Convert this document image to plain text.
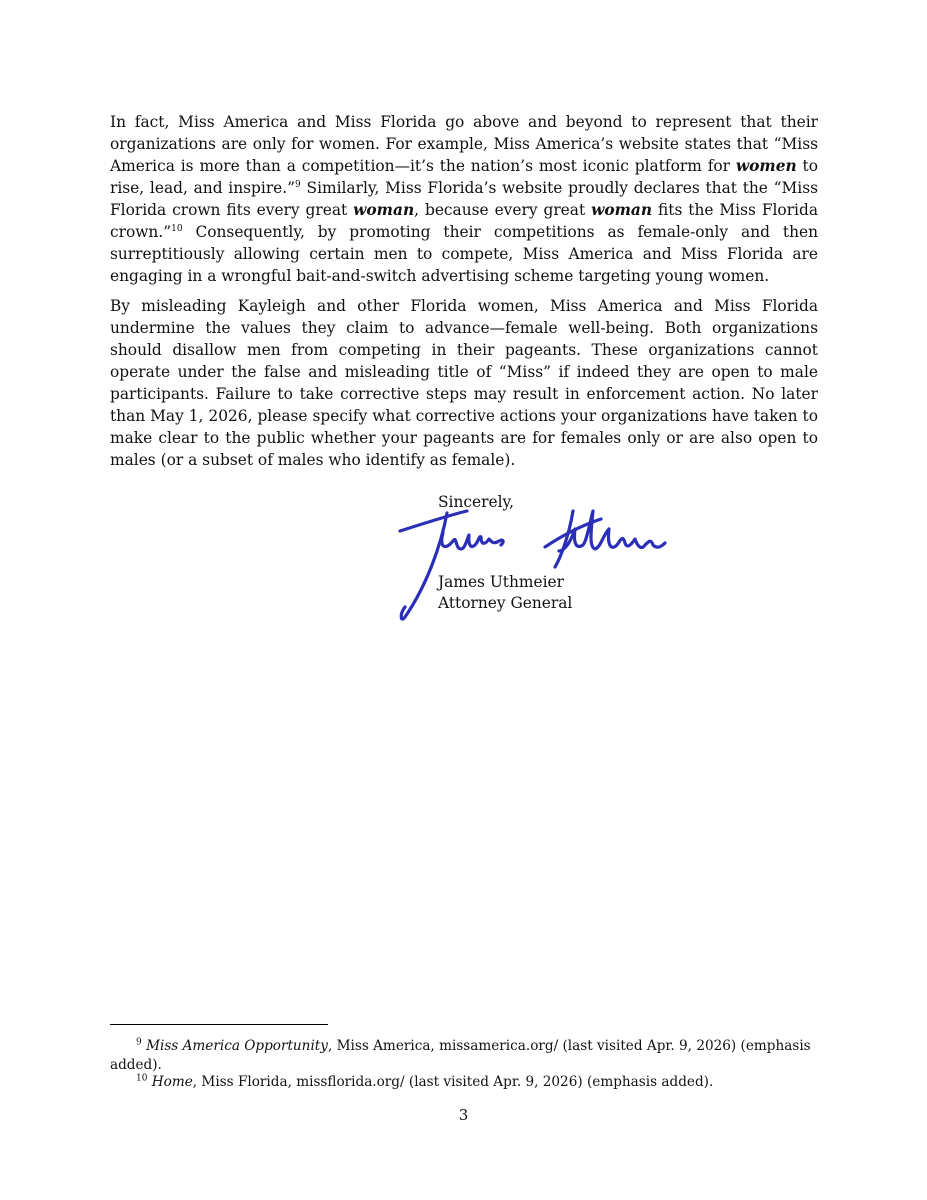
In fact, Miss America and Miss Florida go above and beyond to represent that their organizations are only for women. For example, Miss America’s website states that “Miss America is more than a competition—it’s the nation’s most iconic platform for women to rise, lead, and inspire.”$^9$ Similarly, Miss Florida’s website proudly declares that the “Miss Florida crown fits every great woman, because every great woman fits the Miss Florida crown.”$^{10}$ Consequently, by promoting their competitions as female-only and then surreptitiously allowing certain men to compete, Miss America and Miss Florida are engaging in a wrongful bait-and-switch advertising scheme targeting young women.

By misleading Kayleigh and other Florida women, Miss America and Miss Florida undermine the values they claim to advance—female well-being. Both organizations should disallow men from competing in their pageants. These organizations cannot operate under the false and misleading title of “Miss” if indeed they are open to male participants. Failure to take corrective steps may result in enforcement action. No later than May 1, 2026, please specify what corrective actions your organizations have taken to make clear to the public whether your pageants are for females only or are also open to males (or a subset of males who identify as female).

Sincerely,
James Uthmeier
Attorney General

$^9$ Miss America Opportunity, Miss America, missamerica.org/ (last visited Apr. 9, 2026) (emphasis added).

$^{10}$ Home, Miss Florida, missflorida.org/ (last visited Apr. 9, 2026) (emphasis added).

3
